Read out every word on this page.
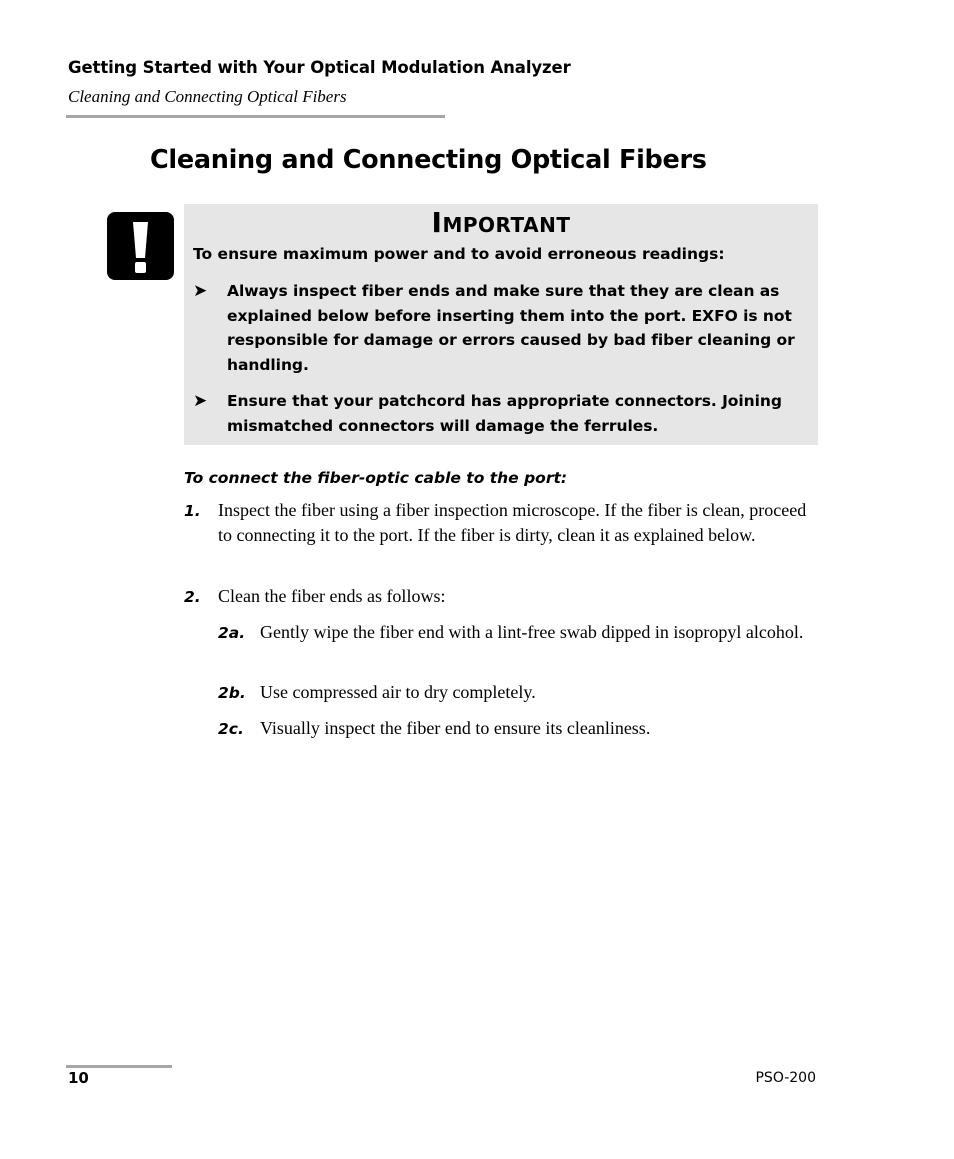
Getting Started with Your Optical Modulation Analyzer
Cleaning and Connecting Optical Fibers
Cleaning and Connecting Optical Fibers
IMPORTANT
To ensure maximum power and to avoid erroneous readings:
➤ Always inspect fiber ends and make sure that they are clean as explained below before inserting them into the port. EXFO is not responsible for damage or errors caused by bad fiber cleaning or handling.
➤ Ensure that your patchcord has appropriate connectors. Joining mismatched connectors will damage the ferrules.
To connect the fiber-optic cable to the port:
1. Inspect the fiber using a fiber inspection microscope. If the fiber is clean, proceed to connecting it to the port. If the fiber is dirty, clean it as explained below.
2. Clean the fiber ends as follows:
2a. Gently wipe the fiber end with a lint-free swab dipped in isopropyl alcohol.
2b. Use compressed air to dry completely.
2c. Visually inspect the fiber end to ensure its cleanliness.
10	PSO-200
